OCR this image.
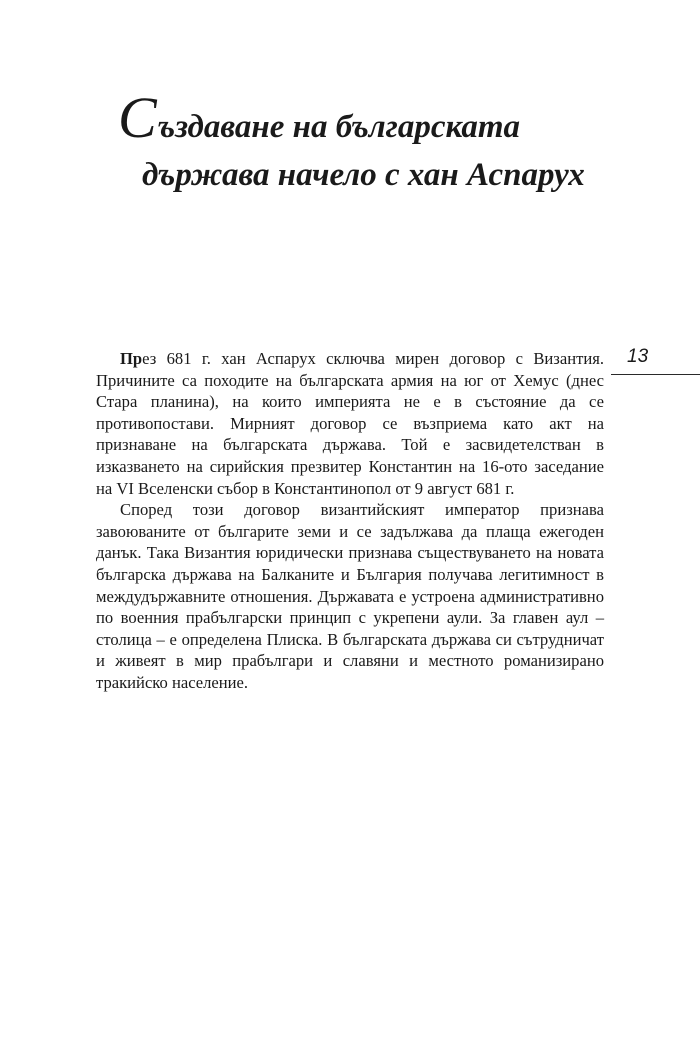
Създаване на българската
държава начело с хан Аспарух
13

През 681 г. хан Аспарух сключва мирен договор с Византия. Причините са походите на българската армия на юг от Хемус (днес Стара планина), на които империята не е в състояние да се противопостави. Мирният договор се възприема като акт на признаване на българската държава. Той е засвидетелстван в изказването на сирийския презвитер Константин на 16-ото заседание на VI Вселенски събор в Константинопол от 9 август 681 г.

Според този договор византийският император признава завоюваните от българите земи и се задължава да плаща ежегоден данък. Така Византия юридически признава съществуването на новата българска държава на Балканите и България получава легитимност в междудържавните отношения. Държавата е устроена административно по военния прабългарски принцип с укрепени аули. За главен аул – столица – е определена Плиска. В българската държава си сътрудничат и живеят в мир прабългари и славяни и местното романизирано тракийско население.
